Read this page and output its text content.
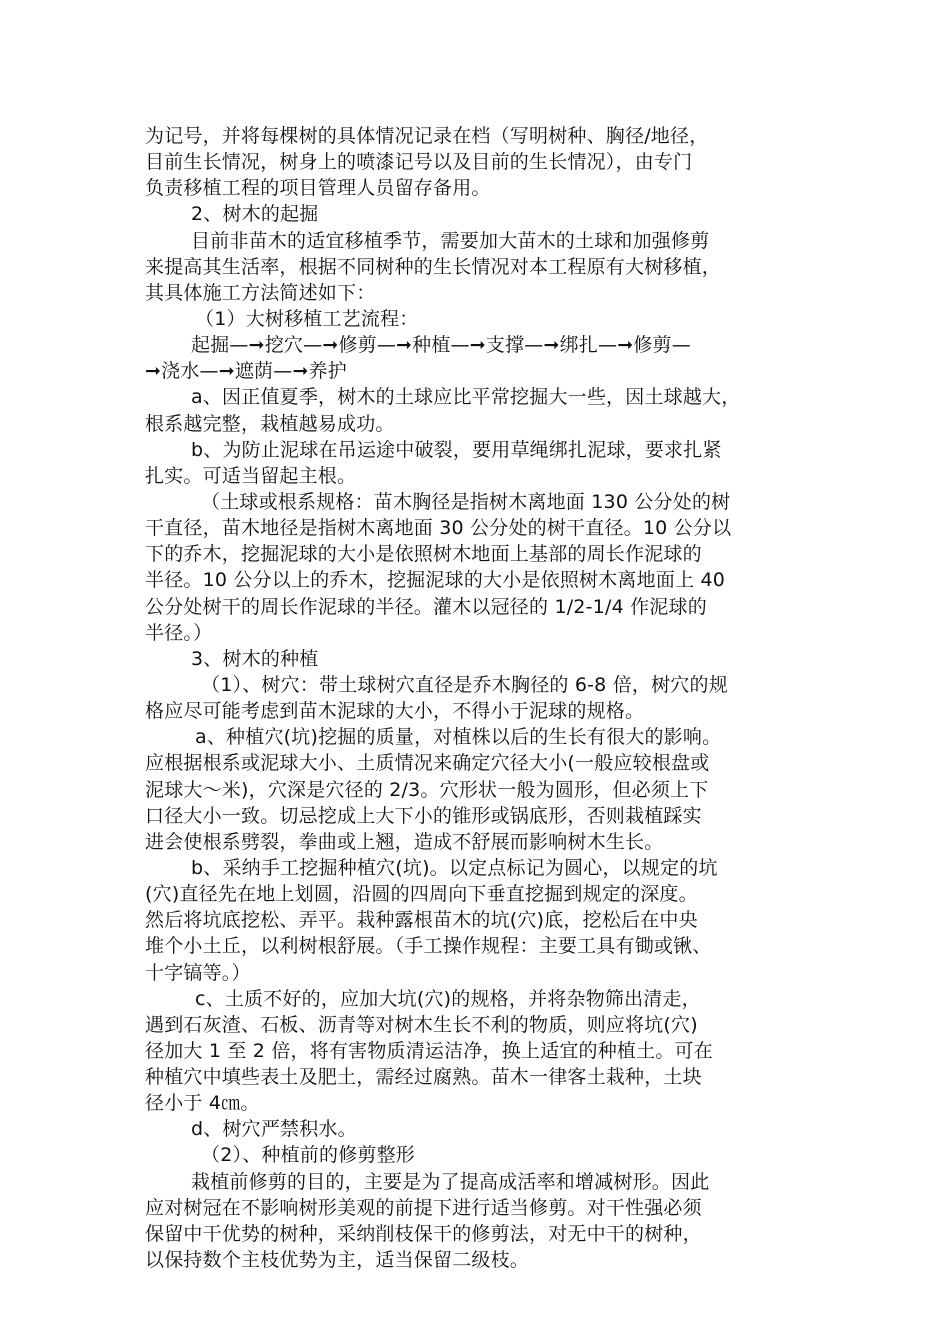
为记号，并将每棵树的具体情况记录在档（写明树种、胸径/地径，
目前生长情况，树身上的喷漆记号以及目前的生长情况），由专门
负责移植工程的项目管理人员留存备用。
2、树木的起掘
目前非苗木的适宜移植季节，需要加大苗木的土球和加强修剪
来提高其生活率，根据不同树种的生长情况对本工程原有大树移植，
其具体施工方法简述如下：
（1）大树移植工艺流程：
起掘—➞挖穴—➞修剪—➞种植—➞支撑—➞绑扎—➞修剪—
➞浇水—➞遮荫—➞养护
a、因正值夏季，树木的土球应比平常挖掘大一些，因土球越大，
根系越完整，栽植越易成功。
b、为防止泥球在吊运途中破裂，要用草绳绑扎泥球，要求扎紧
扎实。可适当留起主根。
（土球或根系规格：苗木胸径是指树木离地面 130 公分处的树
干直径，苗木地径是指树木离地面 30 公分处的树干直径。10 公分以
下的乔木，挖掘泥球的大小是依照树木地面上基部的周长作泥球的
半径。10 公分以上的乔木，挖掘泥球的大小是依照树木离地面上 40
公分处树干的周长作泥球的半径。灌木以冠径的 1/2-1/4 作泥球的
半径。）
3、树木的种植
（1）、树穴：带土球树穴直径是乔木胸径的 6-8 倍，树穴的规
格应尽可能考虑到苗木泥球的大小，不得小于泥球的规格。
a、种植穴(坑)挖掘的质量，对植株以后的生长有很大的影响。
应根据根系或泥球大小、土质情况来确定穴径大小(一般应较根盘或
泥球大～米)，穴深是穴径的 2/3。穴形状一般为圆形，但必须上下
口径大小一致。切忌挖成上大下小的锥形或锅底形，否则栽植踩实
进会使根系劈裂，拳曲或上翘，造成不舒展而影响树木生长。
b、采纳手工挖掘种植穴(坑)。以定点标记为圆心，以规定的坑
(穴)直径先在地上划圆，沿圆的四周向下垂直挖掘到规定的深度。
然后将坑底挖松、弄平。栽种露根苗木的坑(穴)底，挖松后在中央
堆个小土丘，以利树根舒展。（手工操作规程：主要工具有锄或锹、
十字镐等。）
c、土质不好的，应加大坑(穴)的规格，并将杂物筛出清走，
遇到石灰渣、石板、沥青等对树木生长不利的物质，则应将坑(穴)
径加大 1 至 2 倍，将有害物质清运洁净，换上适宜的种植土。可在
种植穴中填些表土及肥土，需经过腐熟。苗木一律客土栽种，土块
径小于 4㎝。
d、树穴严禁积水。
（2）、种植前的修剪整形
栽植前修剪的目的，主要是为了提高成活率和增减树形。因此
应对树冠在不影响树形美观的前提下进行适当修剪。对干性强必须
保留中干优势的树种，采纳削枝保干的修剪法，对无中干的树种，
以保持数个主枝优势为主，适当保留二级枝。
